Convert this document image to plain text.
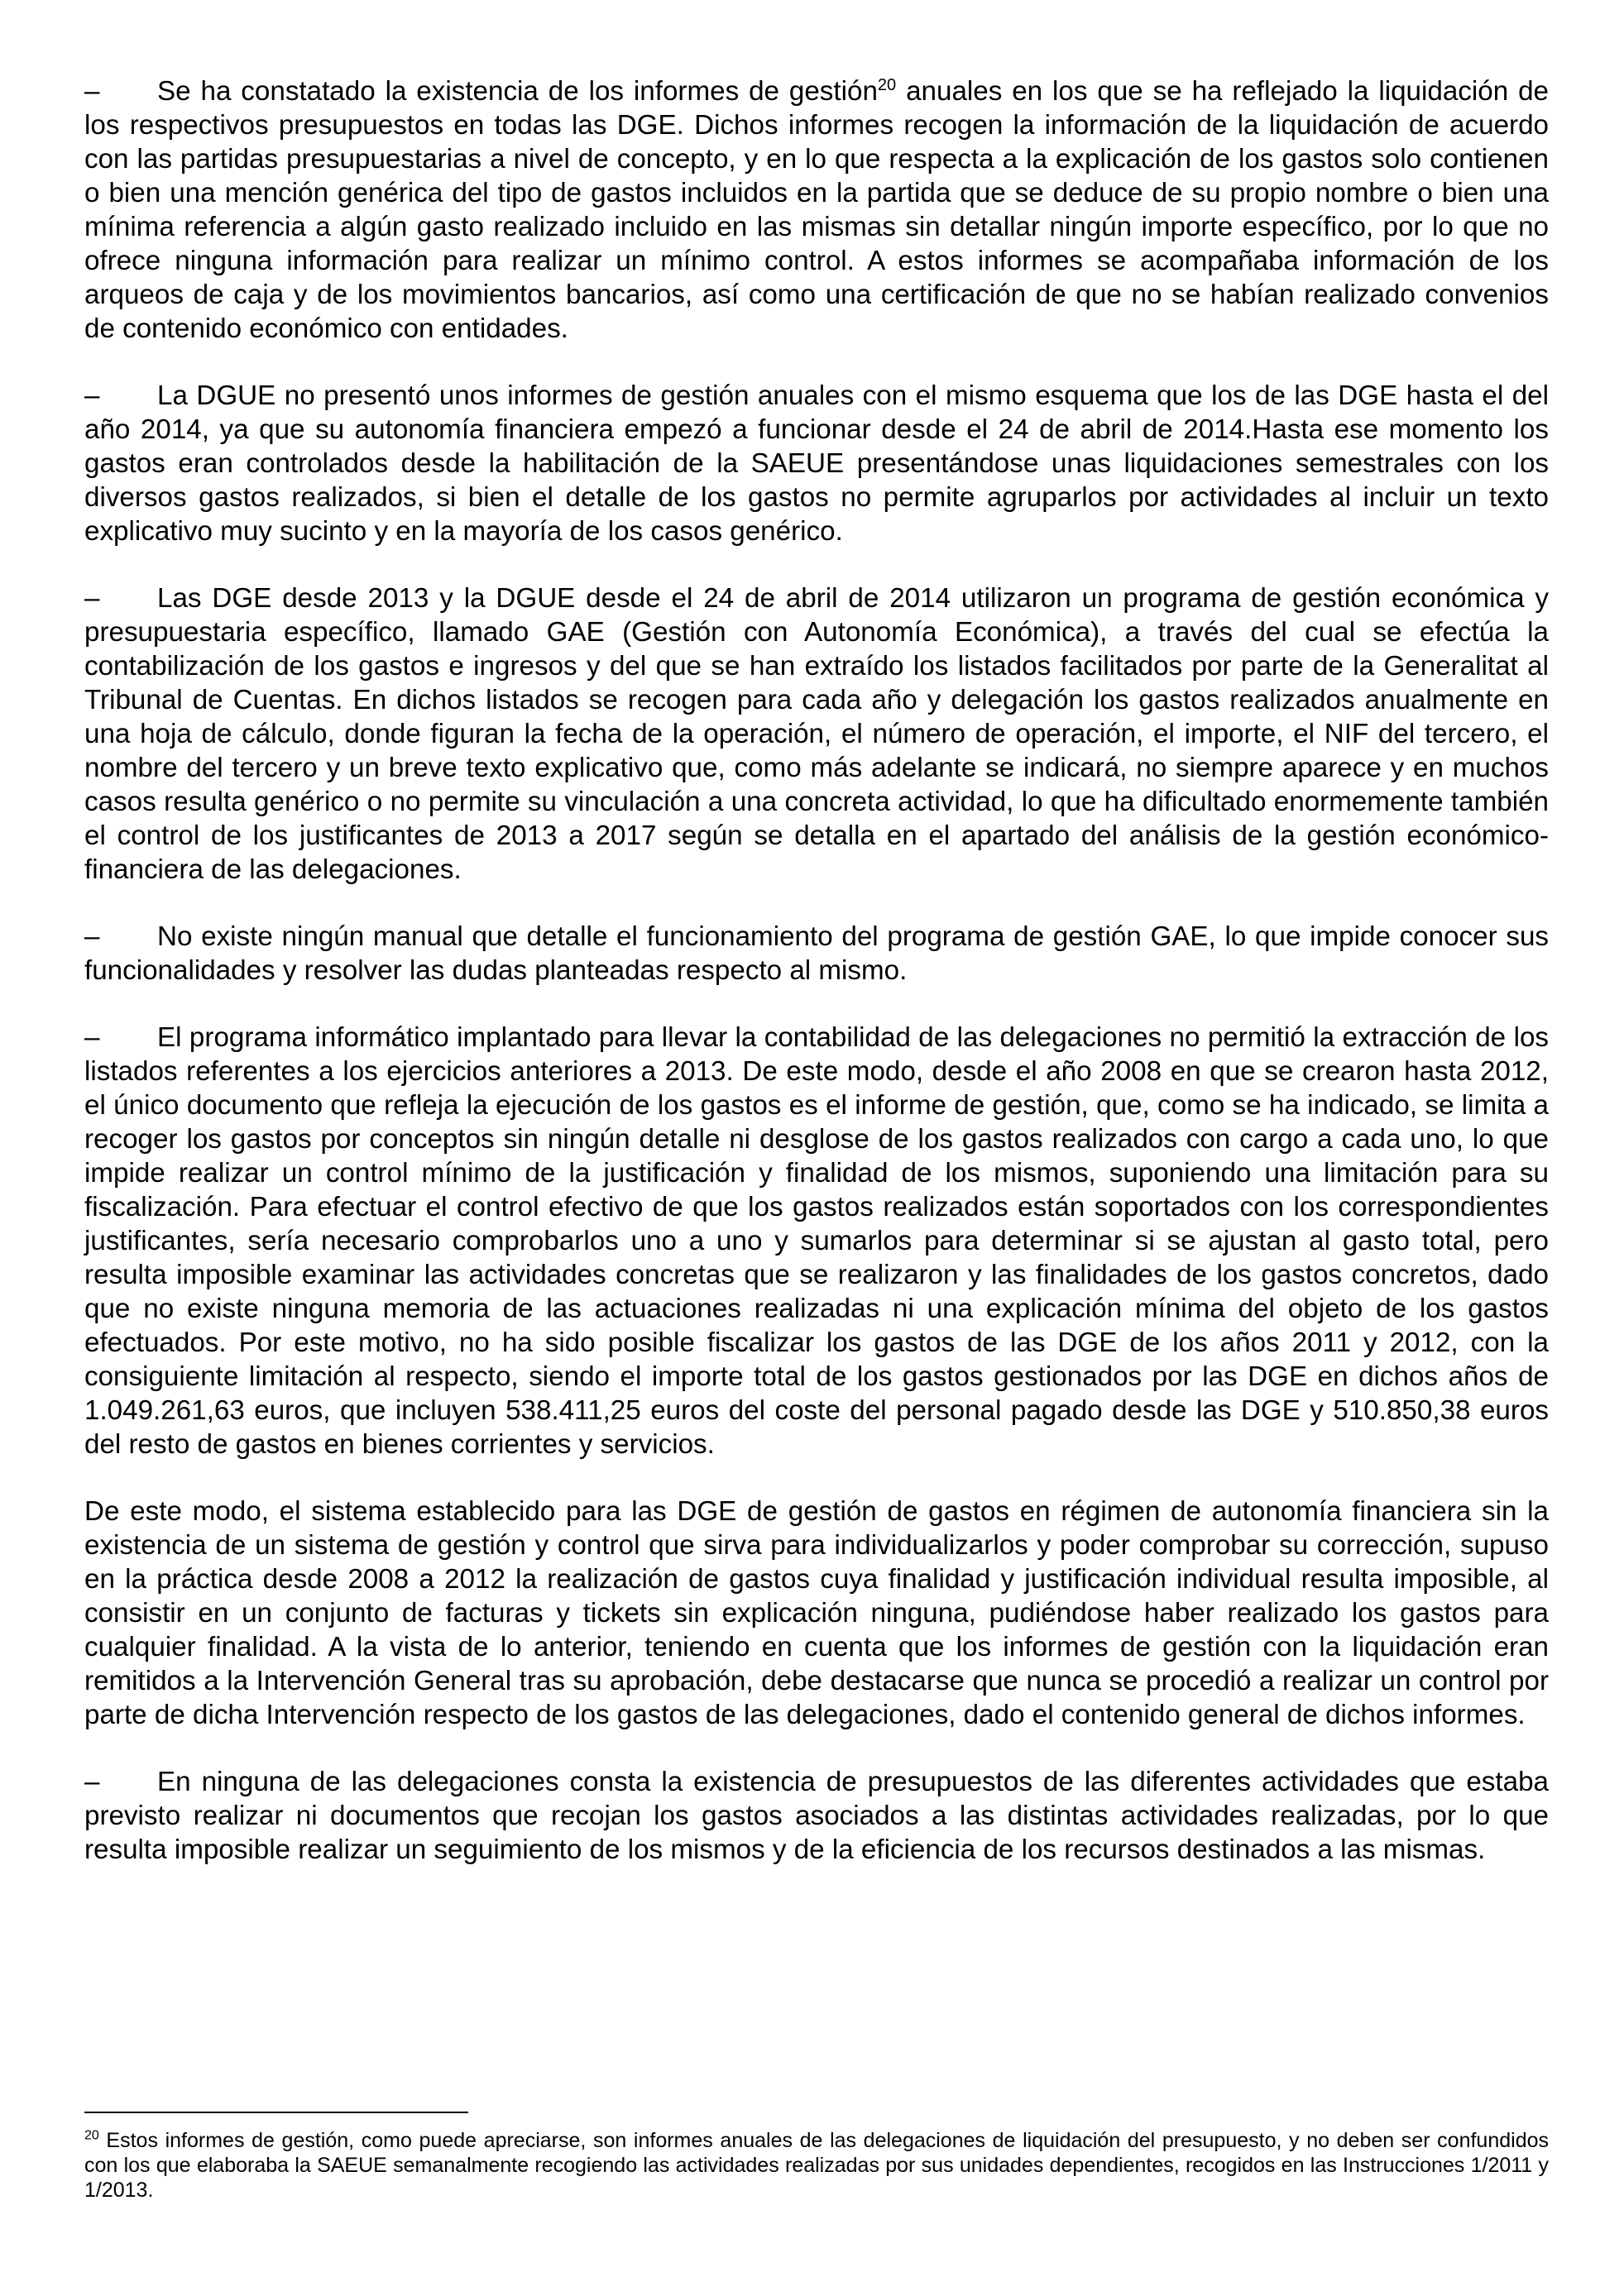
– Se ha constatado la existencia de los informes de gestión$^{20}$ anuales en los que se ha reflejado la liquidación de los respectivos presupuestos en todas las DGE. Dichos informes recogen la información de la liquidación de acuerdo con las partidas presupuestarias a nivel de concepto, y en lo que respecta a la explicación de los gastos solo contienen o bien una mención genérica del tipo de gastos incluidos en la partida que se deduce de su propio nombre o bien una mínima referencia a algún gasto realizado incluido en las mismas sin detallar ningún importe específico, por lo que no ofrece ninguna información para realizar un mínimo control. A estos informes se acompañaba información de los arqueos de caja y de los movimientos bancarios, así como una certificación de que no se habían realizado convenios de contenido económico con entidades.

– La DGUE no presentó unos informes de gestión anuales con el mismo esquema que los de las DGE hasta el del año 2014, ya que su autonomía financiera empezó a funcionar desde el 24 de abril de 2014.Hasta ese momento los gastos eran controlados desde la habilitación de la SAEUE presentándose unas liquidaciones semestrales con los diversos gastos realizados, si bien el detalle de los gastos no permite agruparlos por actividades al incluir un texto explicativo muy sucinto y en la mayoría de los casos genérico.

– Las DGE desde 2013 y la DGUE desde el 24 de abril de 2014 utilizaron un programa de gestión económica y presupuestaria específico, llamado GAE (Gestión con Autonomía Económica), a través del cual se efectúa la contabilización de los gastos e ingresos y del que se han extraído los listados facilitados por parte de la Generalitat al Tribunal de Cuentas. En dichos listados se recogen para cada año y delegación los gastos realizados anualmente en una hoja de cálculo, donde figuran la fecha de la operación, el número de operación, el importe, el NIF del tercero, el nombre del tercero y un breve texto explicativo que, como más adelante se indicará, no siempre aparece y en muchos casos resulta genérico o no permite su vinculación a una concreta actividad, lo que ha dificultado enormemente también el control de los justificantes de 2013 a 2017 según se detalla en el apartado del análisis de la gestión económico-financiera de las delegaciones.

– No existe ningún manual que detalle el funcionamiento del programa de gestión GAE, lo que impide conocer sus funcionalidades y resolver las dudas planteadas respecto al mismo.

– El programa informático implantado para llevar la contabilidad de las delegaciones no permitió la extracción de los listados referentes a los ejercicios anteriores a 2013. De este modo, desde el año 2008 en que se crearon hasta 2012, el único documento que refleja la ejecución de los gastos es el informe de gestión, que, como se ha indicado, se limita a recoger los gastos por conceptos sin ningún detalle ni desglose de los gastos realizados con cargo a cada uno, lo que impide realizar un control mínimo de la justificación y finalidad de los mismos, suponiendo una limitación para su fiscalización. Para efectuar el control efectivo de que los gastos realizados están soportados con los correspondientes justificantes, sería necesario comprobarlos uno a uno y sumarlos para determinar si se ajustan al gasto total, pero resulta imposible examinar las actividades concretas que se realizaron y las finalidades de los gastos concretos, dado que no existe ninguna memoria de las actuaciones realizadas ni una explicación mínima del objeto de los gastos efectuados. Por este motivo, no ha sido posible fiscalizar los gastos de las DGE de los años 2011 y 2012, con la consiguiente limitación al respecto, siendo el importe total de los gastos gestionados por las DGE en dichos años de 1.049.261,63 euros, que incluyen 538.411,25 euros del coste del personal pagado desde las DGE y 510.850,38 euros del resto de gastos en bienes corrientes y servicios.

De este modo, el sistema establecido para las DGE de gestión de gastos en régimen de autonomía financiera sin la existencia de un sistema de gestión y control que sirva para individualizarlos y poder comprobar su corrección, supuso en la práctica desde 2008 a 2012 la realización de gastos cuya finalidad y justificación individual resulta imposible, al consistir en un conjunto de facturas y tickets sin explicación ninguna, pudiéndose haber realizado los gastos para cualquier finalidad. A la vista de lo anterior, teniendo en cuenta que los informes de gestión con la liquidación eran remitidos a la Intervención General tras su aprobación, debe destacarse que nunca se procedió a realizar un control por parte de dicha Intervención respecto de los gastos de las delegaciones, dado el contenido general de dichos informes.

– En ninguna de las delegaciones consta la existencia de presupuestos de las diferentes actividades que estaba previsto realizar ni documentos que recojan los gastos asociados a las distintas actividades realizadas, por lo que resulta imposible realizar un seguimiento de los mismos y de la eficiencia de los recursos destinados a las mismas.

$^{20}$ Estos informes de gestión, como puede apreciarse, son informes anuales de las delegaciones de liquidación del presupuesto, y no deben ser confundidos con los que elaboraba la SAEUE semanalmente recogiendo las actividades realizadas por sus unidades dependientes, recogidos en las Instrucciones 1/2011 y 1/2013.
